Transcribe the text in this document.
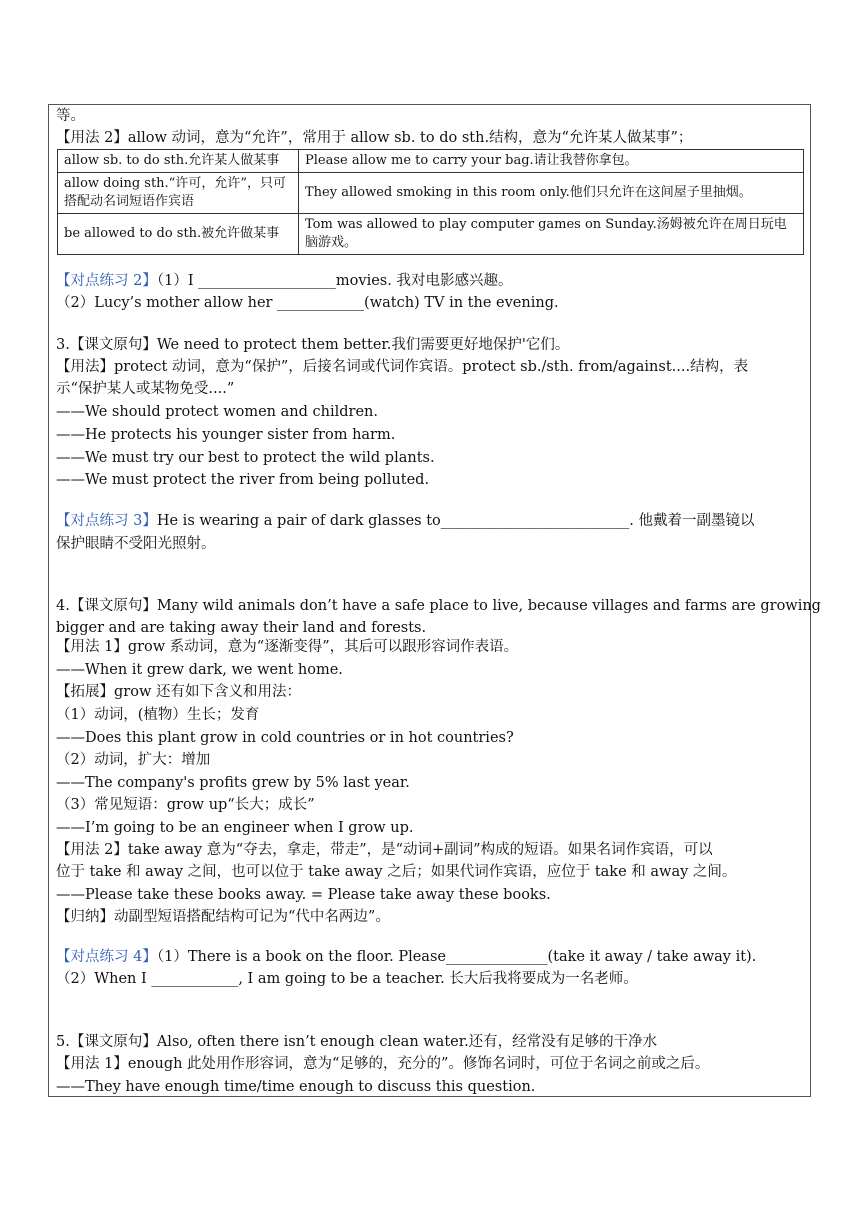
等。
【用法 2】allow 动词，意为“允许”，常用于 allow sb. to do sth.结构，意为“允许某人做某事”；
allow sb. to do sth.允许某人做某事	Please allow me to carry your bag.请让我替你拿包。
allow doing sth.“许可，允许”，只可搭配动名词短语作宾语	They allowed smoking in this room only.他们只允许在这间屋子里抽烟。
be allowed to do sth.被允许做某事	Tom was allowed to play computer games on Sunday.汤姆被允许在周日玩电脑游戏。
【对点练习 2】（1）I ___________________movies. 我对电影感兴趣。
（2）Lucy’s mother allow her ____________(watch) TV in the evening.
3.【课文原句】We need to protect them better.我们需要更好地保护'它们。
【用法】protect 动词，意为“保护”，后接名词或代词作宾语。protect sb./sth. from/against....结构，表
示“保护某人或某物免受....”
——We should protect women and children.
——He protects his younger sister from harm.
——We must try our best to protect the wild plants.
——We must protect the river from being polluted.
【对点练习 3】He is wearing a pair of dark glasses to__________________________. 他戴着一副墨镜以
保护眼睛不受阳光照射。
4.【课文原句】Many wild animals don’t have a safe place to live, because villages and farms are growing
bigger and are taking away their land and forests.
【用法 1】grow 系动词，意为“逐渐变得”，其后可以跟形容词作表语。
——When it grew dark, we went home.
【拓展】grow 还有如下含义和用法：
（1）动词，(植物）生长；发育
——Does this plant grow in cold countries or in hot countries?
（2）动词，扩大：增加
——The company's profits grew by 5% last year.
（3）常见短语：grow up“长大；成长”
——I’m going to be an engineer when I grow up.
【用法 2】take away 意为“夺去，拿走，带走”，是“动词+副词”构成的短语。如果名词作宾语，可以
位于 take 和 away 之间，也可以位于 take away 之后；如果代词作宾语，应位于 take 和 away 之间。
——Please take these books away. = Please take away these books.
【归纳】动副型短语搭配结构可记为“代中名两边”。
【对点练习 4】（1）There is a book on the floor. Please______________(take it away / take away it).
（2）When I ____________, I am going to be a teacher. 长大后我将要成为一名老师。
5.【课文原句】Also, often there isn’t enough clean water.还有，经常没有足够的干净水
【用法 1】enough 此处用作形容词，意为“足够的，充分的”。修饰名词时，可位于名词之前或之后。
——They have enough time/time enough to discuss this question.
